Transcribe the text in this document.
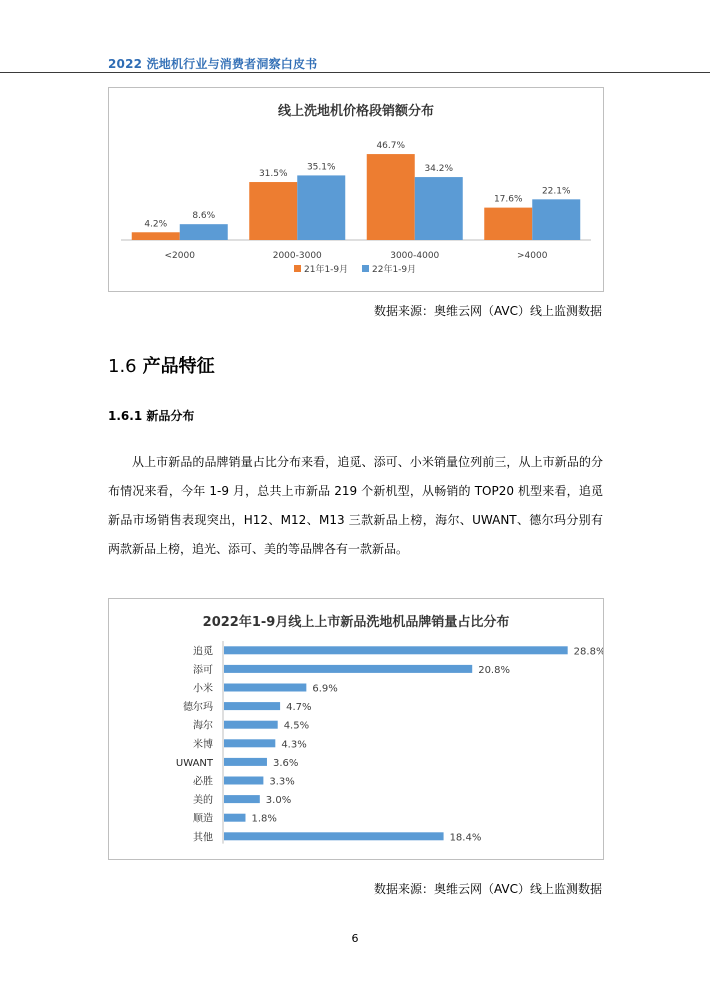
2022 洗地机行业与消费者洞察白皮书
线上洗地机价格段销额分布
4.2%
8.6%
<2000
31.5%
35.1%
2000-3000
46.7%
34.2%
3000-4000
17.6%
22.1%
>4000
21年1-9月	22年1-9月
数据来源：奥维云网（AVC）线上监测数据
1.6 产品特征
1.6.1 新品分布
从上市新品的品牌销量占比分布来看，追觅、添可、小米销量位列前三，从上市新品的分布情况来看，今年 1-9 月，总共上市新品 219 个新机型，从畅销的 TOP20 机型来看，追觅新品市场销售表现突出，H12、M12、M13 三款新品上榜，海尔、UWANT、德尔玛分别有两款新品上榜，追光、添可、美的等品牌各有一款新品。
2022年1-9月线上上市新品洗地机品牌销量占比分布
追觅	28.8%
添可	20.8%
小米	6.9%
德尔玛	4.7%
海尔	4.5%
米博	4.3%
UWANT	3.6%
必胜	3.3%
美的	3.0%
顺造	1.8%
其他	18.4%
数据来源：奥维云网（AVC）线上监测数据
6
